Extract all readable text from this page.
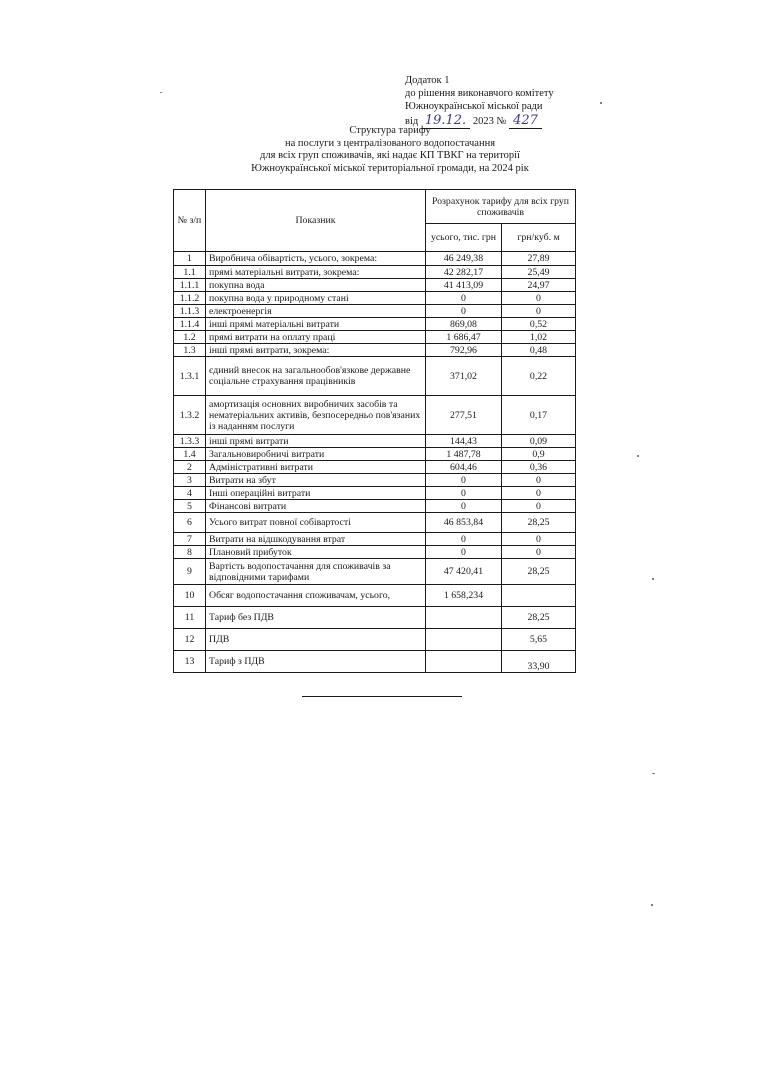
Додаток 1
до рішення виконавчого комітету
Южноукраїнської міської ради
від 19.12. 2023 № 427
Структура тарифу
на послуги з централізованого водопостачання
для всіх груп споживачів, які надає КП ТВКГ на території
Южноукраїнської міської територіальної громади, на 2024 рік
№ з/п	Показник	Розрахунок тарифу для всіх груп споживачів	
		усього, тис. грн	грн/куб. м
1	Виробнича обівартість, усього, зокрема:	46 249,38	27,89
1.1	прямі матеріальні витрати, зокрема:	42 282,17	25,49
1.1.1	покупна вода	41 413,09	24,97
1.1.2	покупна вода у природному стані	0	0
1.1.3	електроенергія	0	0
1.1.4	інші прямі матеріальні витрати	869,08	0,52
1.2	прямі витрати на оплату праці	1 686,47	1,02
1.3	інші прямі витрати, зокрема:	792,96	0,48
1.3.1	єдиний внесок на загальнообов'язкове державне соціальне страхування працівників	371,02	0,22
1.3.2	амортизація основних виробничих засобів та нематеріальних активів, безпосередньо пов'язаних із наданням послуги	277,51	0,17
1.3.3	інші прямі витрати	144,43	0,09
1.4	Загальновиробничі витрати	1 487,78	0,9
2	Адміністративні витрати	604,46	0,36
3	Витрати на збут	0	0
4	Інші операційні витрати	0	0
5	Фінансові витрати	0	0
6	Усього витрат повної собівартості	46 853,84	28,25
7	Витрати на відшкодування втрат	0	0
8	Плановий прибуток	0	0
9	Вартість водопостачання для споживачів за відповідними тарифами	47 420,41	28,25
10	Обсяг водопостачання споживачам, усього,	1 658,234	
11	Тариф без ПДВ		28,25
12	ПДВ		5,65
13	Тариф з ПДВ		33,90
